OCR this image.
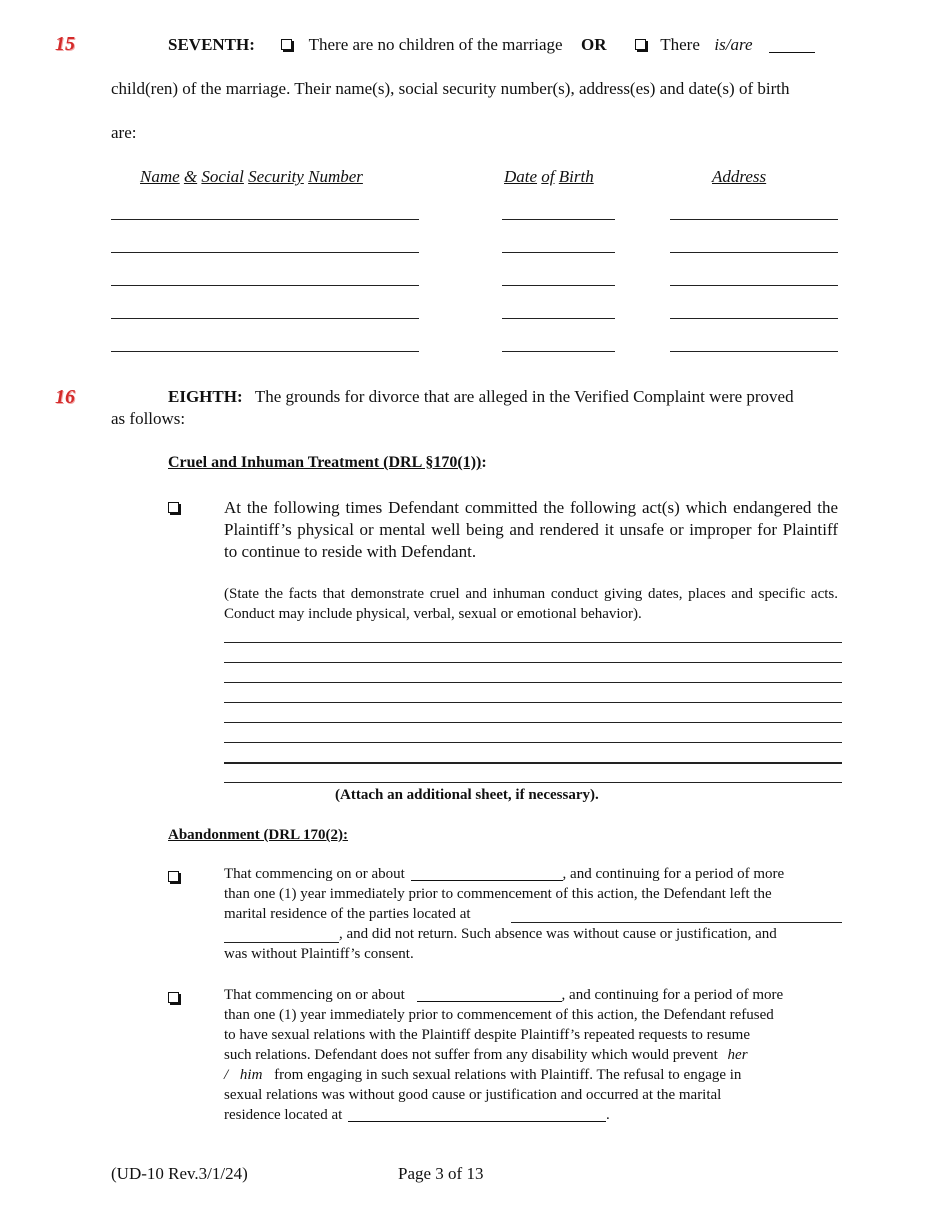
15	SEVENTH:	There are no children of the marriage OR	There is/are
child(ren) of the marriage. Their name(s), social security number(s), address(es) and date(s) of birth
are:
Name & Social Security Number	Date of Birth	Address
16	EIGHTH: The grounds for divorce that are alleged in the Verified Complaint were proved
as follows:
Cruel and Inhuman Treatment (DRL §170(1)):
At the following times Defendant committed the following act(s) which endangered the Plaintiff’s physical or mental well being and rendered it unsafe or improper for Plaintiff to continue to reside with Defendant.
(State the facts that demonstrate cruel and inhuman conduct giving dates, places and specific acts. Conduct may include physical, verbal, sexual or emotional behavior).
(Attach an additional sheet, if necessary).
Abandonment (DRL 170(2):
That commencing on or about	, and continuing for a period of more
than one (1) year immediately prior to commencement of this action, the Defendant left the
marital residence of the parties located at
, and did not return. Such absence was without cause or justification, and
was without Plaintiff’s consent.
That commencing on or about	, and continuing for a period of more
than one (1) year immediately prior to commencement of this action, the Defendant refused
to have sexual relations with the Plaintiff despite Plaintiff’s repeated requests to resume
such relations. Defendant does not suffer from any disability which would prevent her
/ him from engaging in such sexual relations with Plaintiff. The refusal to engage in
sexual relations was without good cause or justification and occurred at the marital
residence located at	.
(UD-10 Rev.3/1/24)	Page 3 of 13
